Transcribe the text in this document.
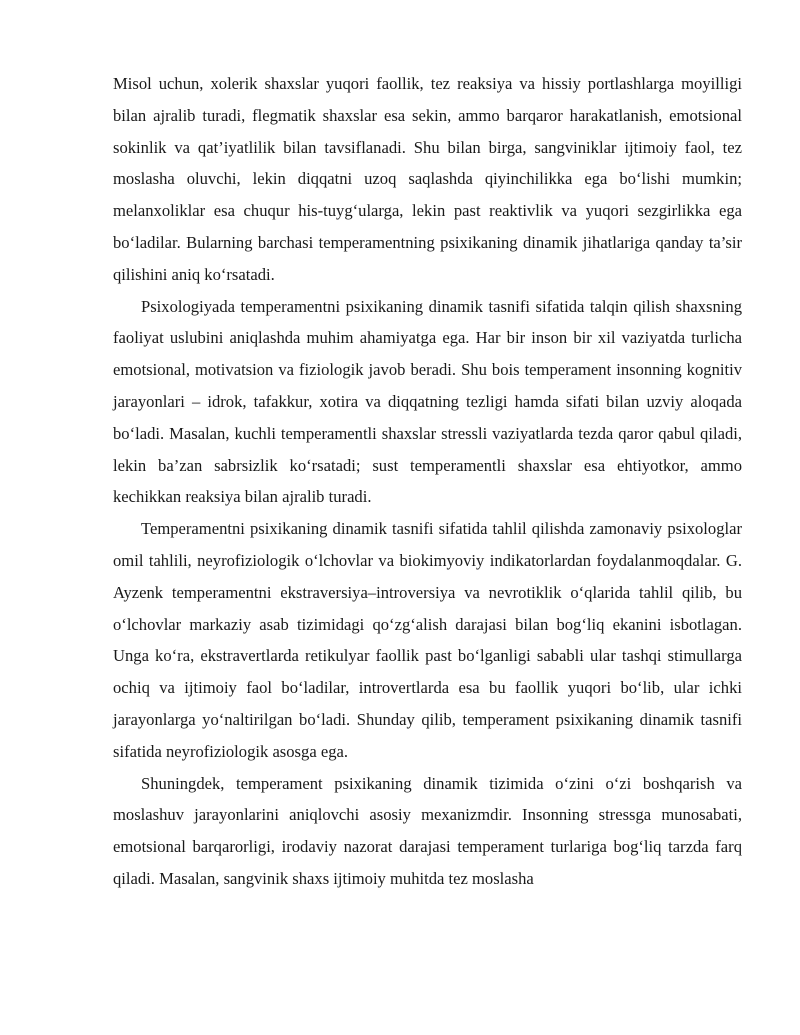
Misol uchun, xolerik shaxslar yuqori faollik, tez reaksiya va hissiy portlashlarga moyilligi bilan ajralib turadi, flegmatik shaxslar esa sekin, ammo barqaror harakatlanish, emotsional sokinlik va qat’iyatlilik bilan tavsiflanadi. Shu bilan birga, sangviniklar ijtimoiy faol, tez moslasha oluvchi, lekin diqqatni uzoq saqlashda qiyinchilikka ega bo‘lishi mumkin; melanxoliklar esa chuqur his-tuyg‘ularga, lekin past reaktivlik va yuqori sezgirlikka ega bo‘ladilar. Bularning barchasi temperamentning psixikaning dinamik jihatlariga qanday ta’sir qilishini aniq ko‘rsatadi.

Psixologiyada temperamentni psixikaning dinamik tasnifi sifatida talqin qilish shaxsning faoliyat uslubini aniqlashda muhim ahamiyatga ega. Har bir inson bir xil vaziyatda turlicha emotsional, motivatsion va fiziologik javob beradi. Shu bois temperament insonning kognitiv jarayonlari – idrok, tafakkur, xotira va diqqatning tezligi hamda sifati bilan uzviy aloqada bo‘ladi. Masalan, kuchli temperamentli shaxslar stressli vaziyatlarda tezda qaror qabul qiladi, lekin ba’zan sabrsizlik ko‘rsatadi; sust temperamentli shaxslar esa ehtiyotkor, ammo kechikkan reaksiya bilan ajralib turadi.

Temperamentni psixikaning dinamik tasnifi sifatida tahlil qilishda zamonaviy psixologlar omil tahlili, neyrofiziologik o‘lchovlar va biokimyoviy indikatorlardan foydalanmoqdalar. G. Ayzenk temperamentni ekstraversiya–introversiya va nevrotiklik o‘qlarida tahlil qilib, bu o‘lchovlar markaziy asab tizimidagi qo‘zg‘alish darajasi bilan bog‘liq ekanini isbotlagan. Unga ko‘ra, ekstravertlarda retikulyar faollik past bo‘lganligi sababli ular tashqi stimullarga ochiq va ijtimoiy faol bo‘ladilar, introvertlarda esa bu faollik yuqori bo‘lib, ular ichki jarayonlarga yo‘naltirilgan bo‘ladi. Shunday qilib, temperament psixikaning dinamik tasnifi sifatida neyrofiziologik asosga ega.

Shuningdek, temperament psixikaning dinamik tizimida o‘zini o‘zi boshqarish va moslashuv jarayonlarini aniqlovchi asosiy mexanizmdir. Insonning stressga munosabati, emotsional barqarorligi, irodaviy nazorat darajasi temperament turlariga bog‘liq tarzda farq qiladi. Masalan, sangvinik shaxs ijtimoiy muhitda tez moslasha
